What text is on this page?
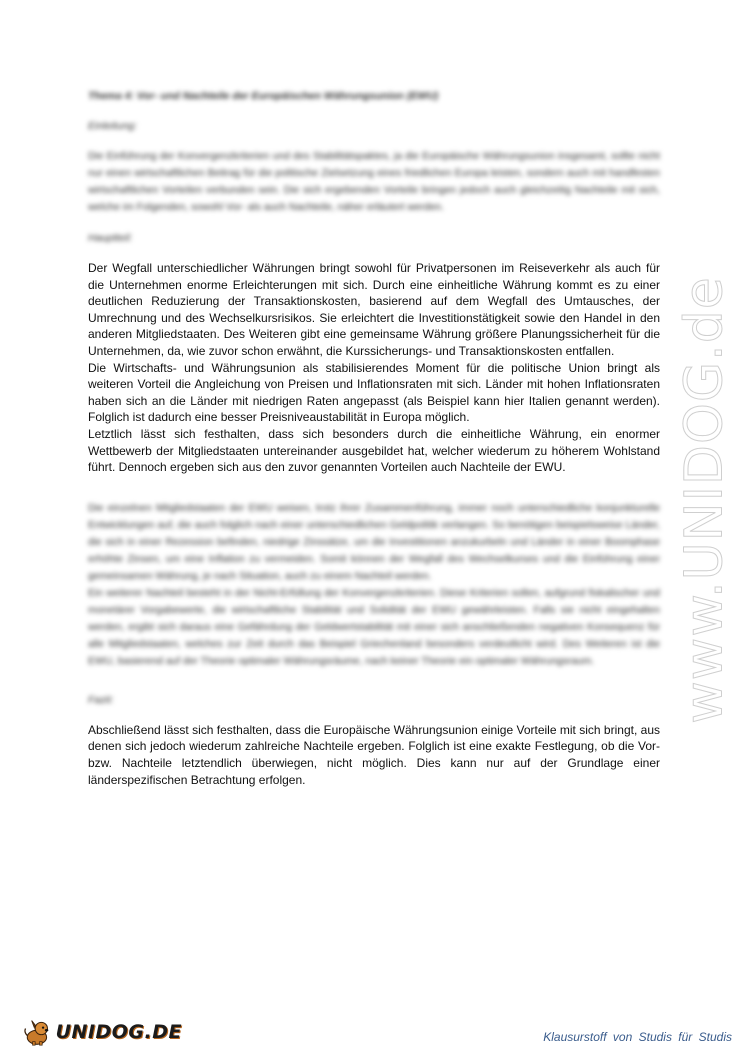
Thema 4: Vor- und Nachteile der Europäischen Währungsunion (EWU)

Einleitung:

Die Einführung der Konvergenzkriterien und des Stabilitätspaktes, ja die Europäische Währungsunion insgesamt, sollte nicht nur einen wirtschaftlichen Beitrag für die politische Zielsetzung eines friedlichen Europa leisten, sondern auch mit handfesten wirtschaftlichen Vorteilen verbunden sein. Die sich ergebenden Vorteile bringen jedoch auch gleichzeitig Nachteile mit sich, welche im Folgenden, sowohl Vor- als auch Nachteile, näher erläutert werden.

Hauptteil:

Der Wegfall unterschiedlicher Währungen bringt sowohl für Privatpersonen im Reiseverkehr als auch für die Unternehmen enorme Erleichterungen mit sich. Durch eine einheitliche Währung kommt es zu einer deutlichen Reduzierung der Transaktionskosten, basierend auf dem Wegfall des Umtausches, der Umrechnung und des Wechselkursrisikos. Sie erleichtert die Investitionstätigkeit sowie den Handel in den anderen Mitgliedstaaten. Des Weiteren gibt eine gemeinsame Währung größere Planungssicherheit für die Unternehmen, da, wie zuvor schon erwähnt, die Kurssicherungs- und Transaktionskosten entfallen.

Die Wirtschafts- und Währungsunion als stabilisierendes Moment für die politische Union bringt als weiteren Vorteil die Angleichung von Preisen und Inflationsraten mit sich. Länder mit hohen Inflationsraten haben sich an die Länder mit niedrigen Raten angepasst (als Beispiel kann hier Italien genannt werden). Folglich ist dadurch eine besser Preisniveaustabilität in Europa möglich.

Letztlich lässt sich festhalten, dass sich besonders durch die einheitliche Währung, ein enormer Wettbewerb der Mitgliedstaaten untereinander ausgebildet hat, welcher wiederum zu höherem Wohlstand führt. Dennoch ergeben sich aus den zuvor genannten Vorteilen auch Nachteile der EWU.

Die einzelnen Mitgliedstaaten der EWU weisen, trotz ihrer Zusammenführung, immer noch unterschiedliche konjunkturelle Entwicklungen auf, die auch folglich nach einer unterschiedlichen Geldpolitik verlangen. So benötigen beispielsweise Länder, die sich in einer Rezession befinden, niedrige Zinssätze, um die Investitionen anzukurbeln und Länder in einer Boomphase erhöhte Zinsen, um eine Inflation zu vermeiden. Somit können der Wegfall des Wechselkurses und die Einführung einer gemeinsamen Währung, je nach Situation, auch zu einem Nachteil werden.

Ein weiterer Nachteil besteht in der Nicht-Erfüllung der Konvergenzkriterien. Diese Kriterien sollen, aufgrund fiskalischer und monetärer Vorgabewerte, die wirtschaftliche Stabilität und Solidität der EWU gewährleisten. Falls sie nicht eingehalten werden, ergibt sich daraus eine Gefährdung der Geldwertstabilität mit einer sich anschließenden negativen Konsequenz für alle Mitgliedstaaten, welches zur Zeit durch das Beispiel Griechenland besonders verdeutlicht wird. Des Weiteren ist die EWU, basierend auf der Theorie optimaler Währungsräume, nach keiner Theorie ein optimaler Währungsraum.

Fazit:

Abschließend lässt sich festhalten, dass die Europäische Währungsunion einige Vorteile mit sich bringt, aus denen sich jedoch wiederum zahlreiche Nachteile ergeben. Folglich ist eine exakte Festlegung, ob die Vor- bzw. Nachteile letztendlich überwiegen, nicht möglich. Dies kann nur auf der Grundlage einer länderspezifischen Betrachtung erfolgen.

www.UNIDOG.de
UNIDOG.DE	Klausurstoff von Studis für Studis
